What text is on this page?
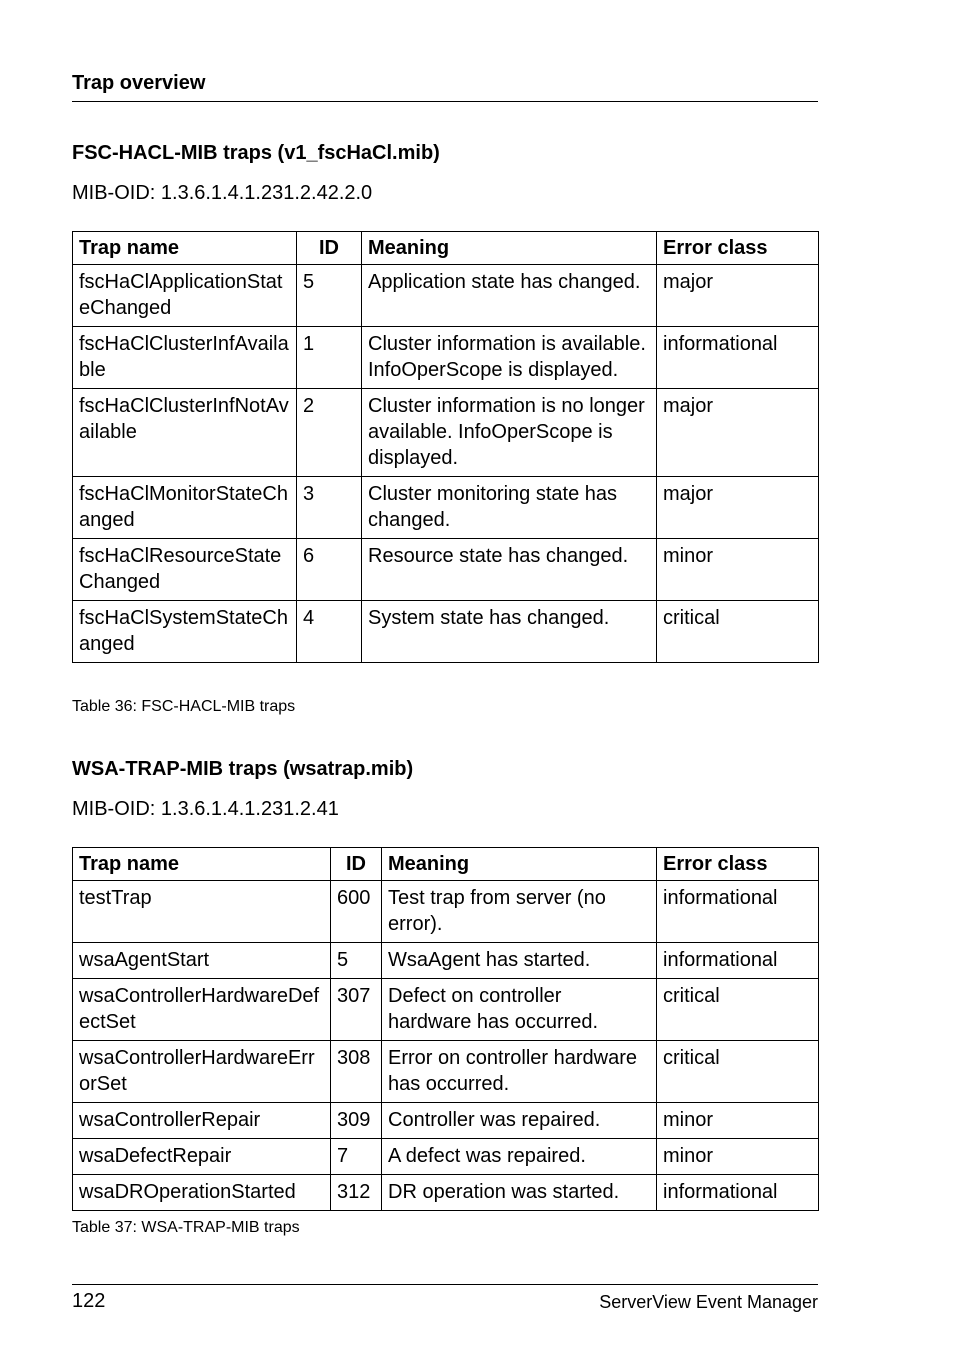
Trap overview
FSC-HACL-MIB traps (v1_fscHaCl.mib)
MIB-OID: 1.3.6.1.4.1.231.2.42.2.0
Trap name	ID	Meaning	Error class
fscHaClApplicationStateChanged	5	Application state has changed.	major
fscHaClClusterInfAvailable	1	Cluster information is available. InfoOperScope is displayed.	informational
fscHaClClusterInfNotAvailable	2	Cluster information is no longer available. InfoOperScope is displayed.	major
fscHaClMonitorStateChanged	3	Cluster monitoring state has changed.	major
fscHaClResourceStateChanged	6	Resource state has changed.	minor
fscHaClSystemStateChanged	4	System state has changed.	critical
Table 36: FSC-HACL-MIB traps
WSA-TRAP-MIB traps (wsatrap.mib)
MIB-OID: 1.3.6.1.4.1.231.2.41
Trap name	ID	Meaning	Error class
testTrap	600	Test trap from server (no error).	informational
wsaAgentStart	5	WsaAgent has started.	informational
wsaControllerHardwareDefectSet	307	Defect on controller hardware has occurred.	critical
wsaControllerHardwareErrorSet	308	Error on controller hardware has occurred.	critical
wsaControllerRepair	309	Controller was repaired.	minor
wsaDefectRepair	7	A defect was repaired.	minor
wsaDROperationStarted	312	DR operation was started.	informational
Table 37: WSA-TRAP-MIB traps
122	ServerView Event Manager
